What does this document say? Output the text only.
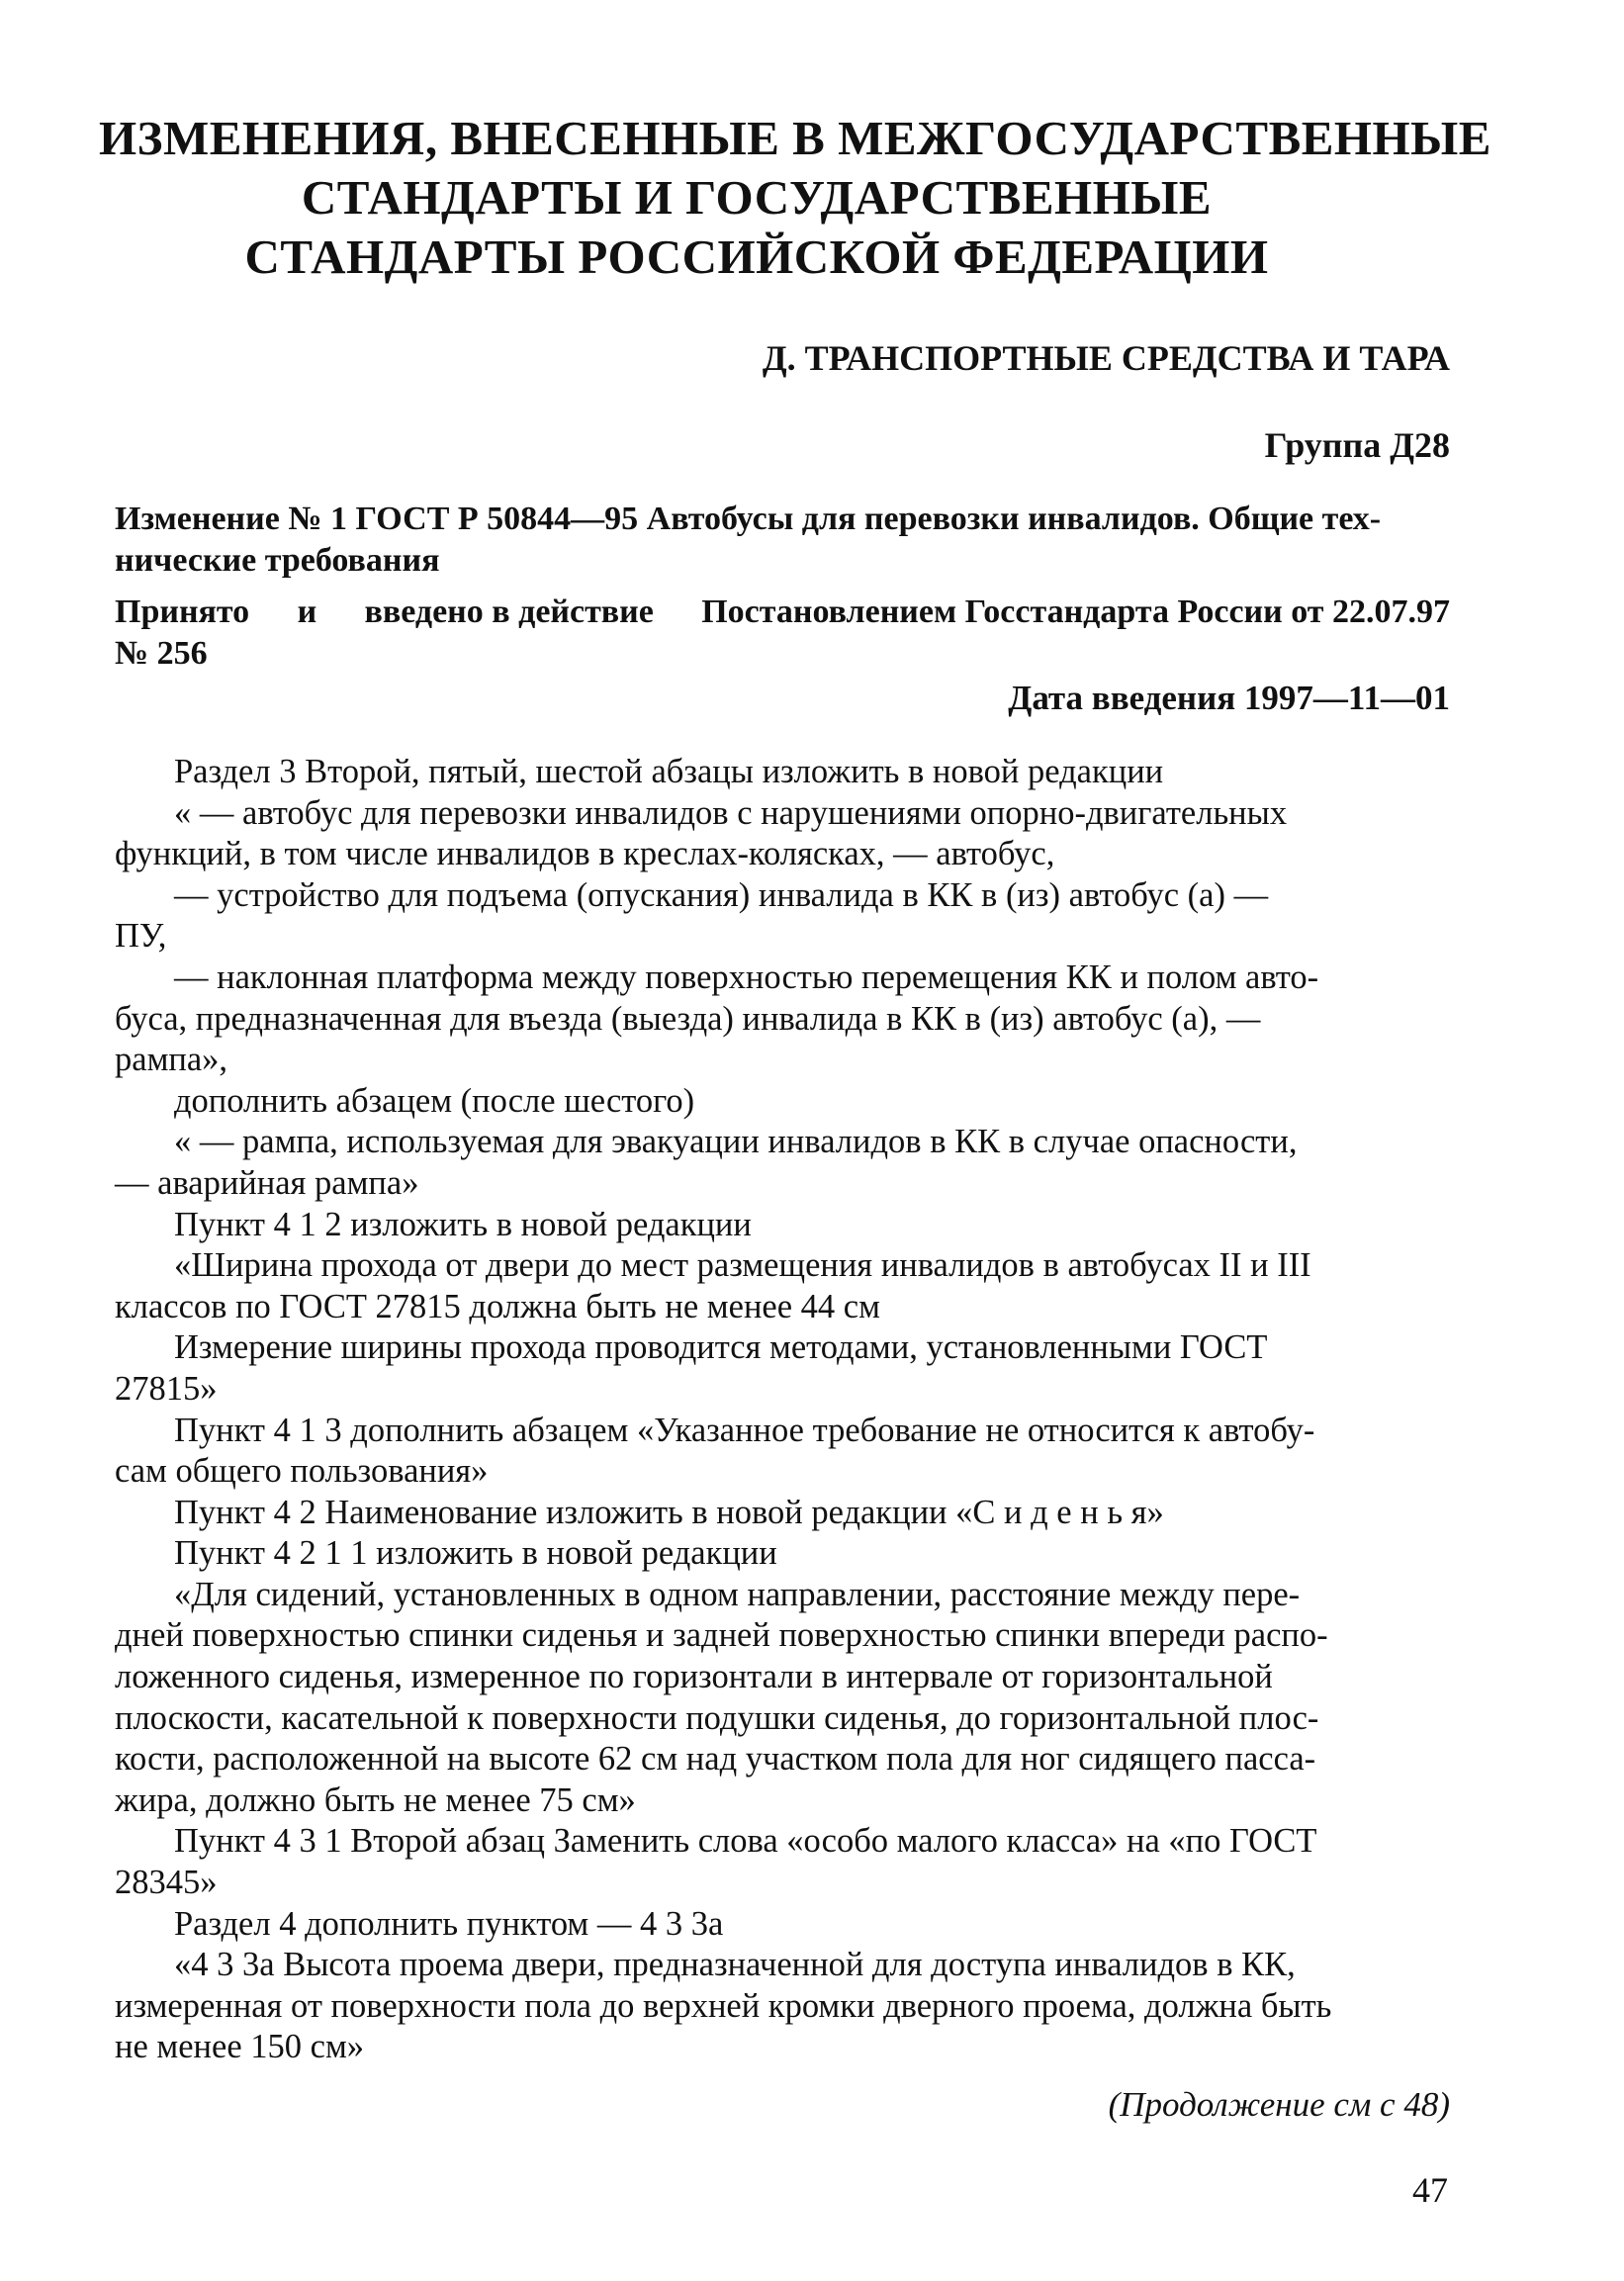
ИЗМЕНЕНИЯ, ВНЕСЕННЫЕ В МЕЖГОСУДАРСТВЕННЫЕ
СТАНДАРТЫ И ГОСУДАРСТВЕННЫЕ
СТАНДАРТЫ РОССИЙСКОЙ ФЕДЕРАЦИИ
Д. ТРАНСПОРТНЫЕ СРЕДСТВА И ТАРА
Группа Д28
Изменение № 1 ГОСТ Р 50844—95 Автобусы для перевозки инвалидов. Общие тех-
нические требования
Принято и введено в действие Постановлением Госстандарта России от 22.07.97
№ 256
Дата введения 1997—11—01
Раздел 3 Второй, пятый, шестой абзацы изложить в новой редакции
« — автобус для перевозки инвалидов с нарушениями опорно-двигательных
функций, в том числе инвалидов в креслах-колясках, — автобус,
— устройство для подъема (опускания) инвалида в КК в (из) автобус (а) —
ПУ,
— наклонная платформа между поверхностью перемещения КК и полом авто-
буса, предназначенная для въезда (выезда) инвалида в КК в (из) автобус (а), —
рампа»,
дополнить абзацем (после шестого)
« — рампа, используемая для эвакуации инвалидов в КК в случае опасности,
— аварийная рампа»
Пункт 4 1 2 изложить в новой редакции
«Ширина прохода от двери до мест размещения инвалидов в автобусах II и III
классов по ГОСТ 27815 должна быть не менее 44 см
Измерение ширины прохода проводится методами, установленными ГОСТ
27815»
Пункт 4 1 3 дополнить абзацем «Указанное требование не относится к автобу-
сам общего пользования»
Пункт 4 2 Наименование изложить в новой редакции «С и д е н ь я»
Пункт 4 2 1 1 изложить в новой редакции
«Для сидений, установленных в одном направлении, расстояние между пере-
дней поверхностью спинки сиденья и задней поверхностью спинки впереди распо-
ложенного сиденья, измеренное по горизонтали в интервале от горизонтальной
плоскости, касательной к поверхности подушки сиденья, до горизонтальной плос-
кости, расположенной на высоте 62 см над участком пола для ног сидящего пасса-
жира, должно быть не менее 75 см»
Пункт 4 3 1 Второй абзац Заменить слова «особо малого класса» на «по ГОСТ
28345»
Раздел 4 дополнить пунктом — 4 3 3а
«4 3 3а Высота проема двери, предназначенной для доступа инвалидов в КК,
измеренная от поверхности пола до верхней кромки дверного проема, должна быть
не менее 150 см»
(Продолжение см с 48)
47
